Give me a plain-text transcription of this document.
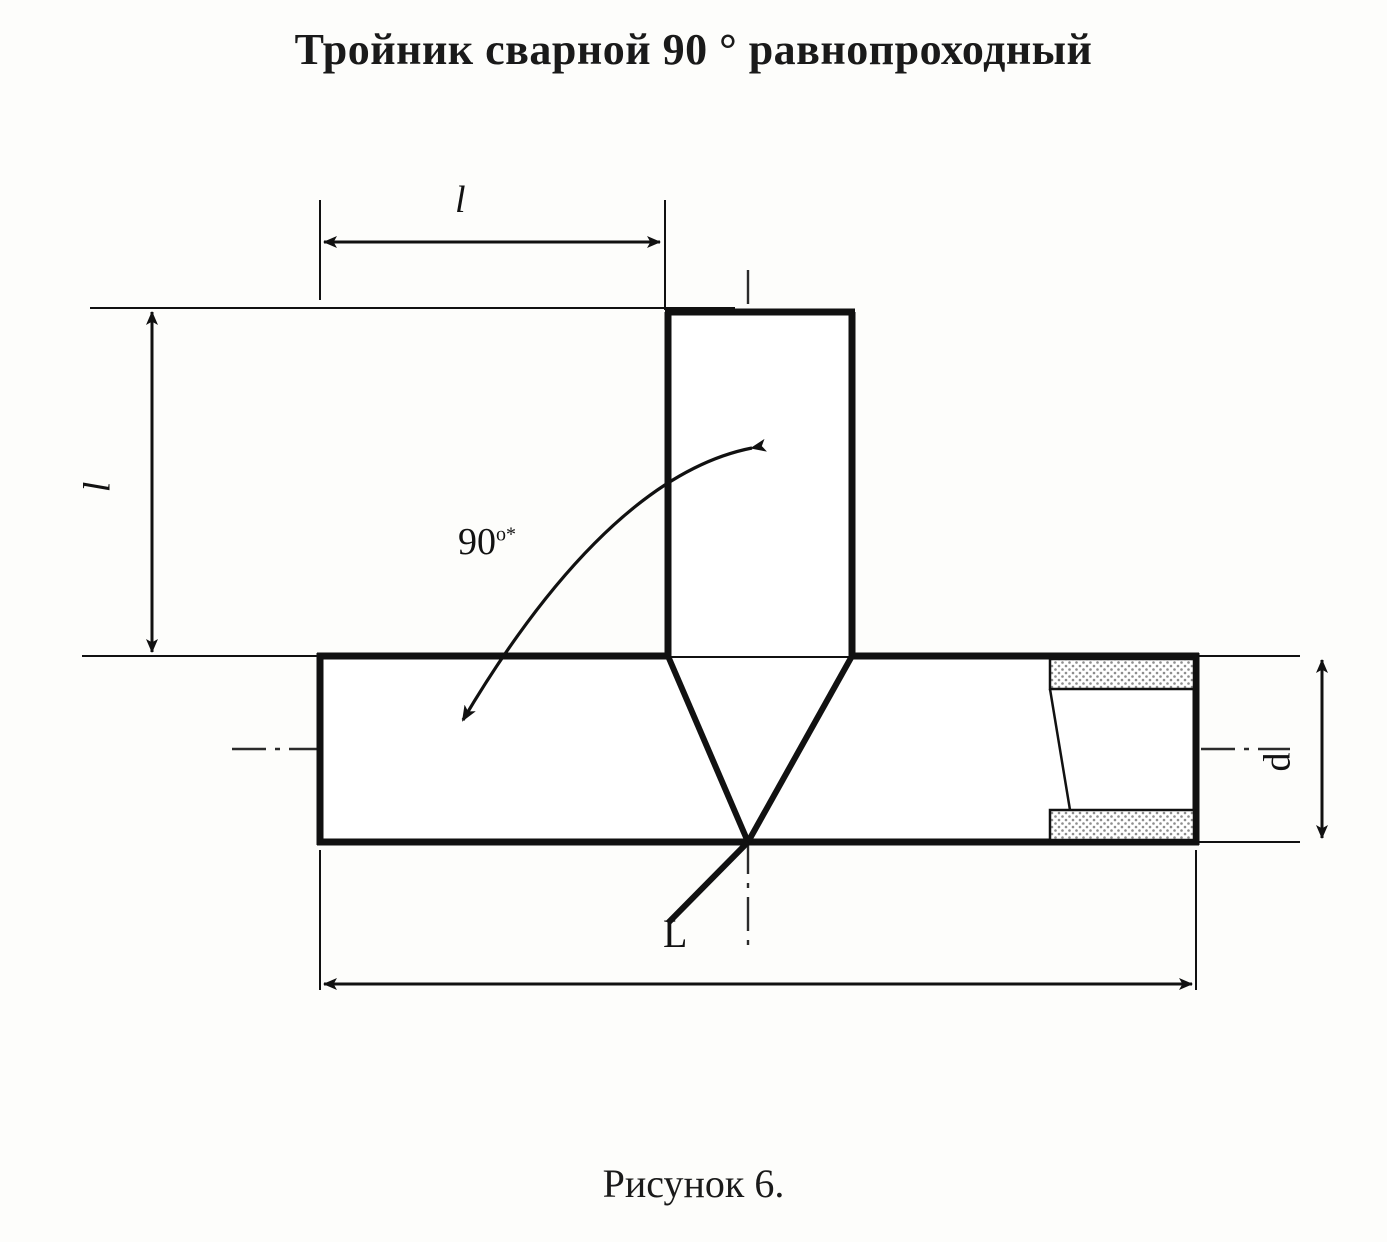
Тройник сварной 90 ° равнопроходный
l
l
$90^{o*}$
d
L
Рисунок 6.
